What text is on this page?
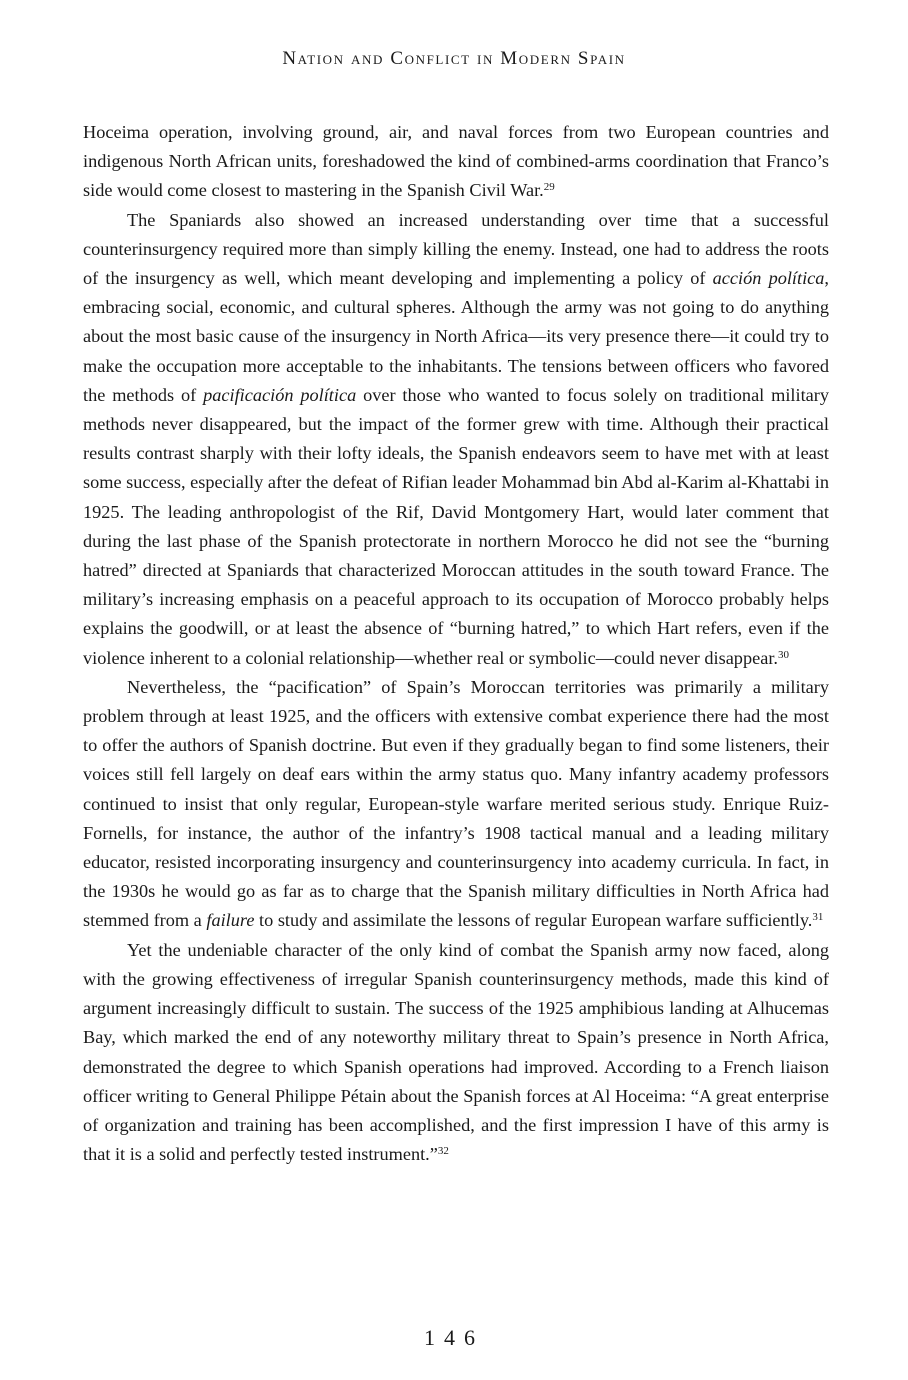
Nation and Conflict in Modern Spain

Hoceima operation, involving ground, air, and naval forces from two European countries and indigenous North African units, foreshadowed the kind of combined-arms coordination that Franco’s side would come closest to mastering in the Spanish Civil War.$^{29}$

The Spaniards also showed an increased understanding over time that a successful counterinsurgency required more than simply killing the enemy. Instead, one had to address the roots of the insurgency as well, which meant developing and implementing a policy of acción política, embracing social, economic, and cultural spheres. Although the army was not going to do anything about the most basic cause of the insurgency in North Africa—its very presence there—it could try to make the occupation more acceptable to the inhabitants. The tensions between officers who favored the methods of pacificación política over those who wanted to focus solely on traditional military methods never disappeared, but the impact of the former grew with time. Although their practical results contrast sharply with their lofty ideals, the Spanish endeavors seem to have met with at least some success, especially after the defeat of Rifian leader Mohammad bin Abd al-Karim al-Khattabi in 1925. The leading anthropologist of the Rif, David Montgomery Hart, would later comment that during the last phase of the Spanish protectorate in northern Morocco he did not see the “burning hatred” directed at Spaniards that characterized Moroccan attitudes in the south toward France. The military’s increasing emphasis on a peaceful approach to its occupation of Morocco probably helps explains the goodwill, or at least the absence of “burning hatred,” to which Hart refers, even if the violence inherent to a colonial relationship—whether real or symbolic—could never disappear.$^{30}$

Nevertheless, the “pacification” of Spain’s Moroccan territories was primarily a military problem through at least 1925, and the officers with extensive combat experience there had the most to offer the authors of Spanish doctrine. But even if they gradually began to find some listeners, their voices still fell largely on deaf ears within the army status quo. Many infantry academy professors continued to insist that only regular, European-style warfare merited serious study. Enrique Ruiz-Fornells, for instance, the author of the infantry’s 1908 tactical manual and a leading military educator, resisted incorporating insurgency and counterinsurgency into academy curricula. In fact, in the 1930s he would go as far as to charge that the Spanish military difficulties in North Africa had stemmed from a failure to study and assimilate the lessons of regular European warfare sufficiently.$^{31}$

Yet the undeniable character of the only kind of combat the Spanish army now faced, along with the growing effectiveness of irregular Spanish counterinsurgency methods, made this kind of argument increasingly difficult to sustain. The success of the 1925 amphibious landing at Alhucemas Bay, which marked the end of any noteworthy military threat to Spain’s presence in North Africa, demonstrated the degree to which Spanish operations had improved. According to a French liaison officer writing to General Philippe Pétain about the Spanish forces at Al Hoceima: “A great enterprise of organization and training has been accomplished, and the first impression I have of this army is that it is a solid and perfectly tested instrument.”$^{32}$

146
